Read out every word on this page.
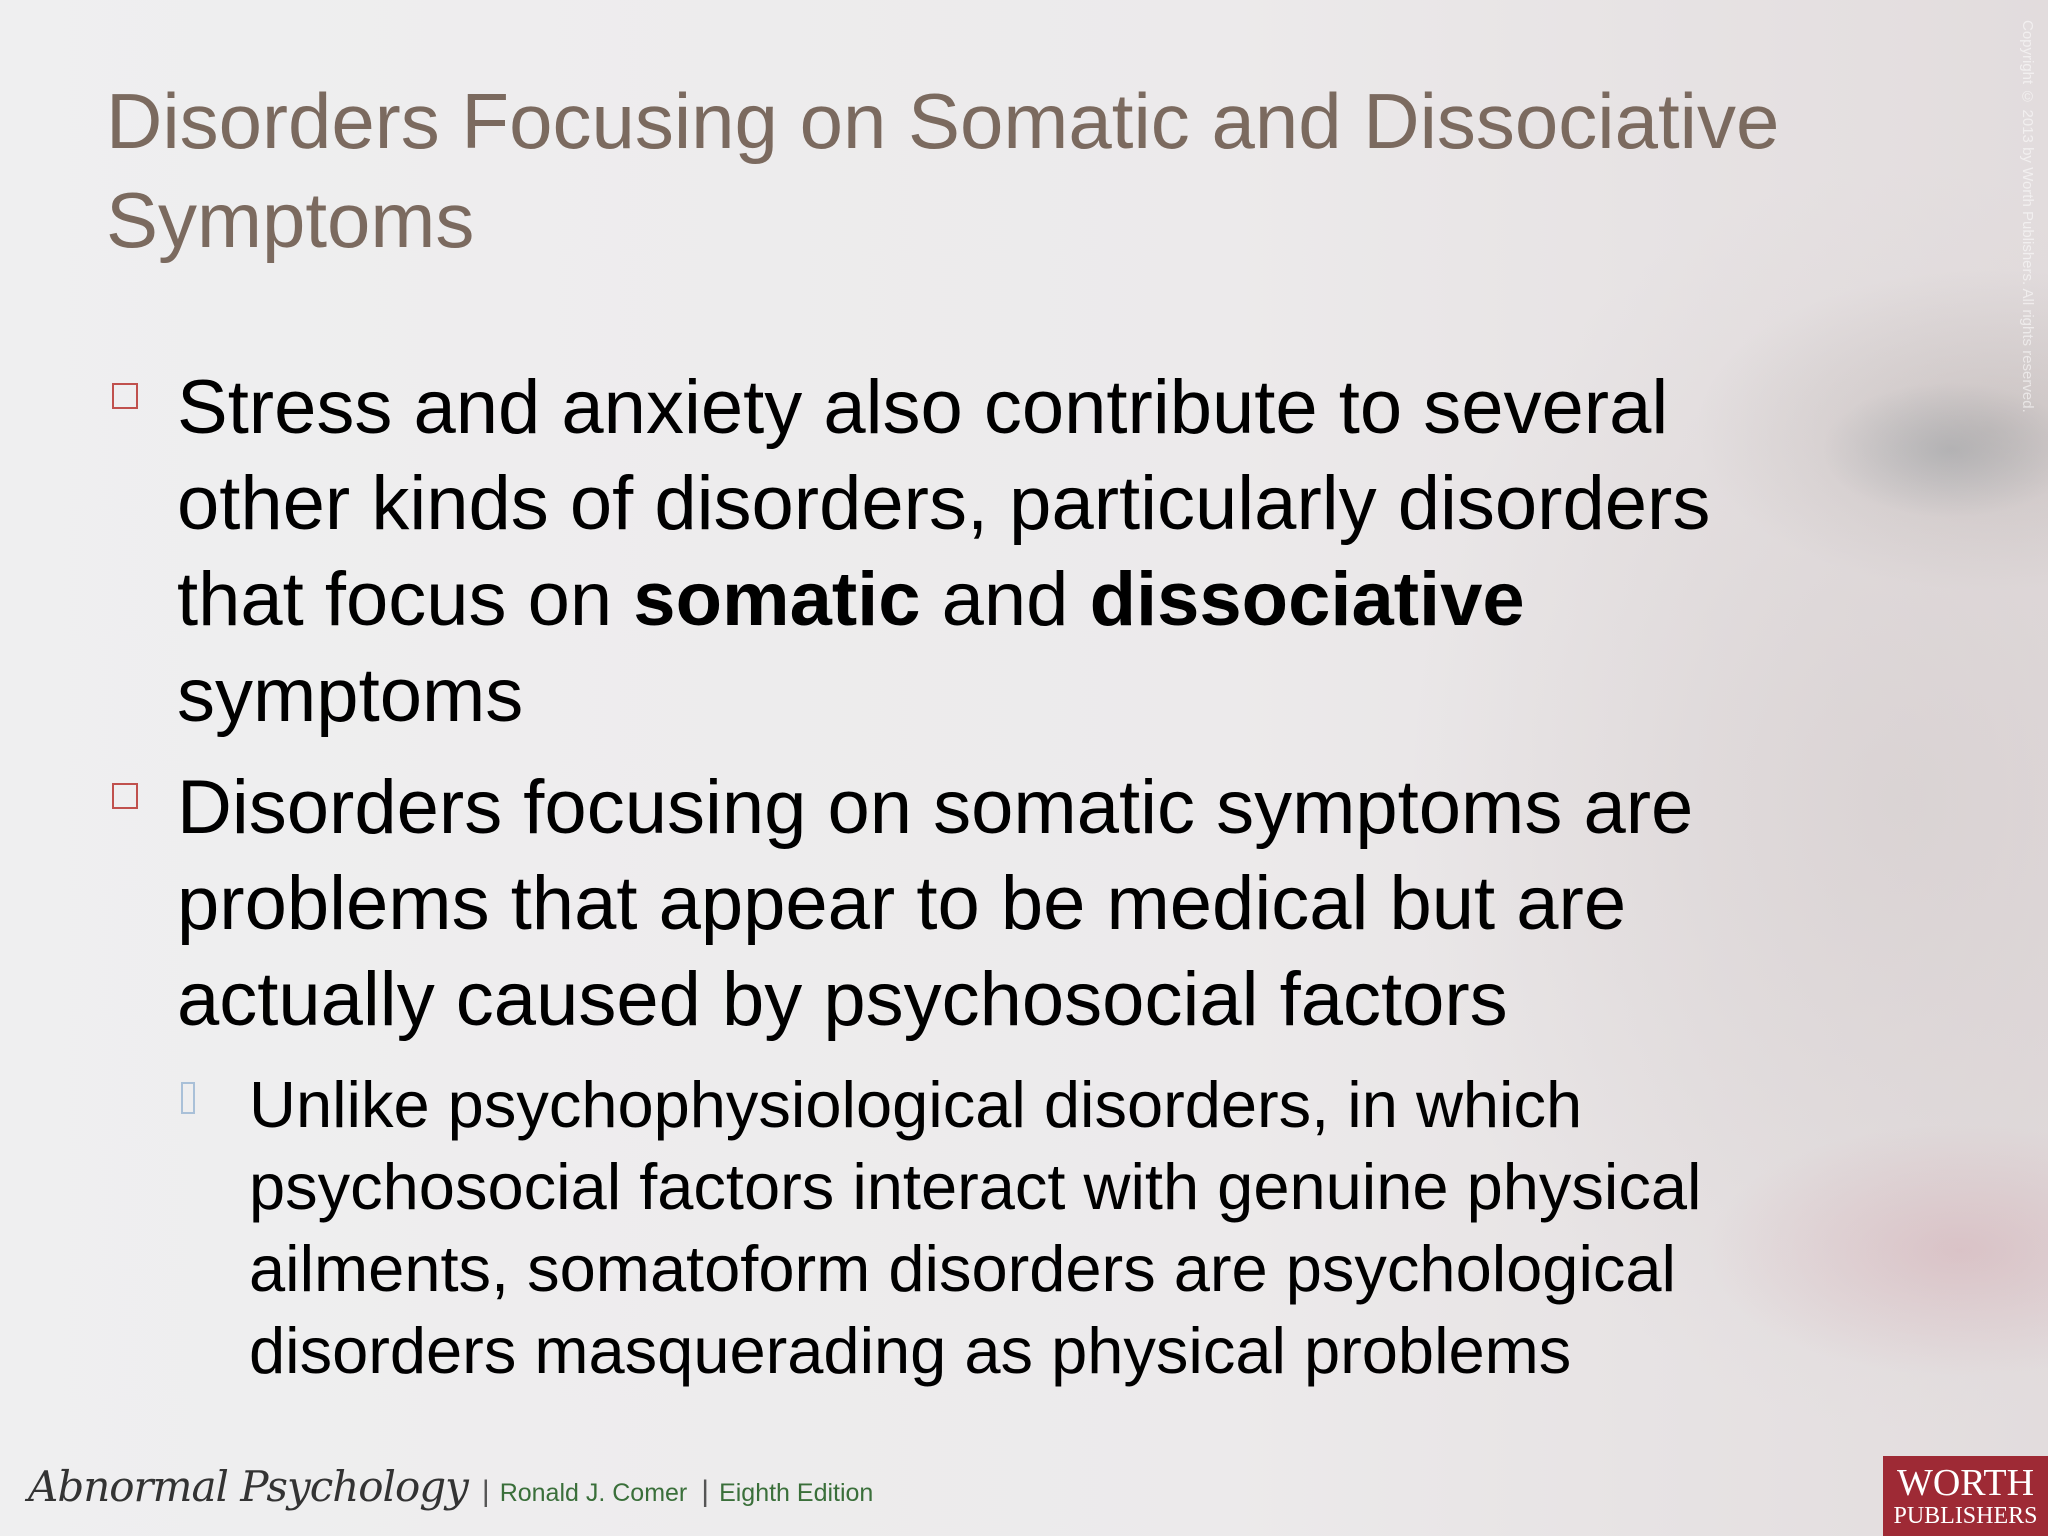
Disorders Focusing on Somatic and Dissociative
Symptoms	Copyright © 2013 by Worth Publishers. All rights reserved.

Stress and anxiety also contribute to several other kinds of disorders, particularly disorders that focus on somatic and dissociative symptoms

Disorders focusing on somatic symptoms are problems that appear to be medical but are actually caused by psychosocial factors

Unlike psychophysiological disorders, in which psychosocial factors interact with genuine physical ailments, somatoform disorders are psychological disorders masquerading as physical problems

Abnormal Psychology | Ronald J. Comer | Eighth Edition	WORTH
PUBLISHERS
